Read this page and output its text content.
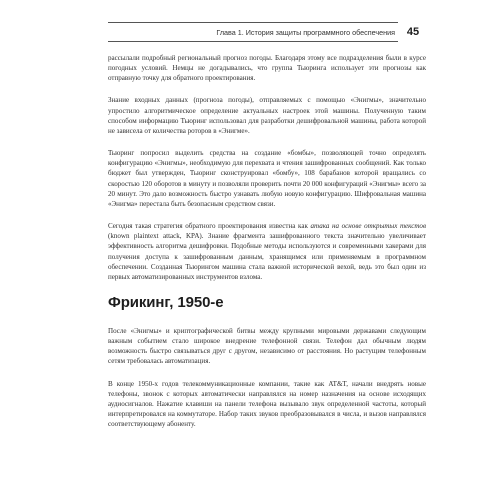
Глава 1. История защиты программного обеспечения	45

рассылали подробный региональный прогноз погоды. Благодаря этому все подразделения были в курсе погодных условий. Немцы не догадывались, что группа Тьюринга использует эти прогнозы как отправную точку для обратного проектирования.

Знание входных данных (прогноза погоды), отправляемых с помощью «Энигмы», значительно упростило алгоритмическое определение актуальных настроек этой машины. Полученную таким способом информацию Тьюринг использовал для разработки дешифровальной машины, работа которой не зависела от количества роторов в «Энигме».

Тьюринг попросил выделить средства на создание «бомбы», позволяющей точно определять конфигурацию «Энигмы», необходимую для перехвата и чтения зашифрованных сообщений. Как только бюджет был утвержден, Тьюринг сконструировал «бомбу», 108 барабанов которой вращались со скоростью 120 оборотов в минуту и позволяли проверить почти 20 000 конфигураций «Энигмы» всего за 20 минут. Это дало возможность быстро узнавать любую новую конфигурацию. Шифровальная машина «Энигма» перестала быть безопасным средством связи.

Сегодня такая стратегия обратного проектирования известна как атака на основе открытых текстов (known plaintext attack, KPA). Знание фрагмента зашифрованного текста значительно увеличивает эффективность алгоритма дешифровки. Подобные методы используются и современными хакерами для получения доступа к зашифрованным данным, хранящимся или применяемым в программном обеспечении. Созданная Тьюрингом машина стала важной исторической вехой, ведь это был один из первых автоматизированных инструментов взлома.

Фрикинг, 1950-е

После «Энигмы» и криптографической битвы между крупными мировыми державами следующим важным событием стало широкое внедрение телефонной связи. Телефон дал обычным людям возможность быстро связываться друг с другом, независимо от расстояния. Но растущим телефонным сетям требовалась автоматизация.

В конце 1950-х годов телекоммуникационные компании, такие как AT&T, начали внедрять новые телефоны, звонок с которых автоматически направлялся на номер назначения на основе исходящих аудиосигналов. Нажатие клавиши на панели телефона вызывало звук определенной частоты, который интерпретировался на коммутаторе. Набор таких звуков преобразовывался в числа, и вызов направлялся соответствующему абоненту.
